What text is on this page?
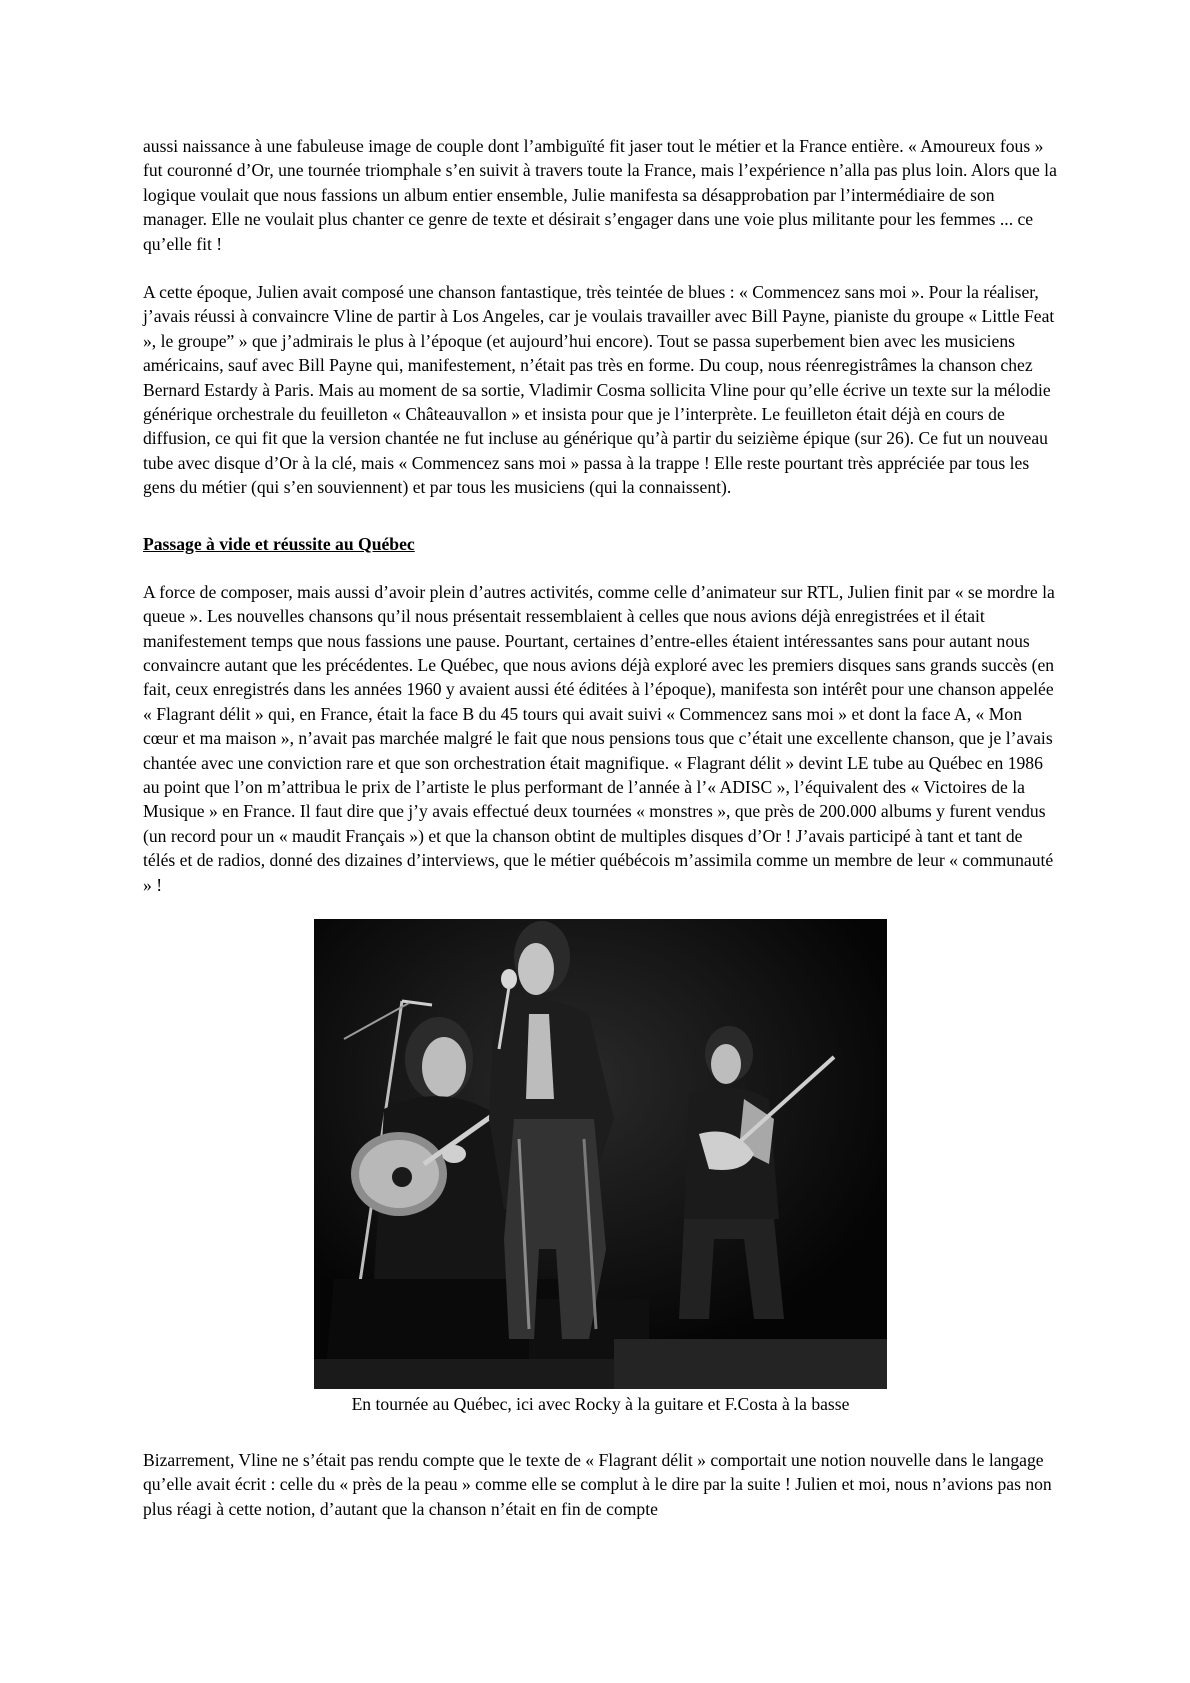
aussi naissance à une fabuleuse image de couple dont l’ambiguïté fit jaser tout le métier et la France entière. « Amoureux fous » fut couronné d’Or, une tournée triomphale s’en suivit à travers toute la France, mais l’expérience n’alla pas plus loin. Alors que la logique voulait que nous fassions un album entier ensemble, Julie manifesta sa désapprobation par l’intermédiaire de son manager. Elle ne voulait plus chanter ce genre de texte et désirait s’engager dans une voie plus militante pour les femmes ... ce qu’elle fit !

A cette époque, Julien avait composé une chanson fantastique, très teintée de blues : « Commencez sans moi ». Pour la réaliser, j’avais réussi à convaincre Vline de partir à Los Angeles, car je voulais travailler avec Bill Payne, pianiste du groupe « Little Feat », le groupe” » que j’admirais le plus à l’époque (et aujourd’hui encore). Tout se passa superbement bien avec les musiciens américains, sauf avec Bill Payne qui, manifestement, n’était pas très en forme. Du coup, nous réenregistrâmes la chanson chez Bernard Estardy à Paris. Mais au moment de sa sortie, Vladimir Cosma sollicita Vline pour qu’elle écrive un texte sur la mélodie générique orchestrale du feuilleton « Châteauvallon » et insista pour que je l’interprète. Le feuilleton était déjà en cours de diffusion, ce qui fit que la version chantée ne fut incluse au générique qu’à partir du seizième épique (sur 26). Ce fut un nouveau tube avec disque d’Or à la clé, mais « Commencez sans moi » passa à la trappe ! Elle reste pourtant très appréciée par tous les gens du métier (qui s’en souviennent) et par tous les musiciens (qui la connaissent).

Passage à vide et réussite au Québec

A force de composer, mais aussi d’avoir plein d’autres activités, comme celle d’animateur sur RTL, Julien finit par « se mordre la queue ». Les nouvelles chansons qu’il nous présentait ressemblaient à celles que nous avions déjà enregistrées et il était manifestement temps que nous fassions une pause. Pourtant, certaines d’entre-elles étaient intéressantes sans pour autant nous convaincre autant que les précédentes. Le Québec, que nous avions déjà exploré avec les premiers disques sans grands succès (en fait, ceux enregistrés dans les années 1960 y avaient aussi été éditées à l’époque), manifesta son intérêt pour une chanson appelée « Flagrant délit » qui, en France, était la face B du 45 tours qui avait suivi « Commencez sans moi » et dont la face A, « Mon cœur et ma maison », n’avait pas marchée malgré le fait que nous pensions tous que c’était une excellente chanson, que je l’avais chantée avec une conviction rare et que son orchestration était magnifique. « Flagrant délit » devint LE tube au Québec en 1986 au point que l’on m’attribua le prix de l’artiste le plus performant de l’année à l’« ADISC », l’équivalent des « Victoires de la Musique » en France. Il faut dire que j’y avais effectué deux tournées « monstres », que près de 200.000 albums y furent vendus (un record pour un « maudit Français ») et que la chanson obtint de multiples disques d’Or ! J’avais participé à tant et tant de télés et de radios, donné des dizaines d’interviews, que le métier québécois m’assimila comme un membre de leur « communauté » !

En tournée au Québec, ici avec Rocky à la guitare et F.Costa à la basse

Bizarrement, Vline ne s’était pas rendu compte que le texte de « Flagrant délit » comportait une notion nouvelle dans le langage qu’elle avait écrit : celle du « près de la peau » comme elle se complut à le dire par la suite ! Julien et moi, nous n’avions pas non plus réagi à cette notion, d’autant que la chanson n’était en fin de compte
